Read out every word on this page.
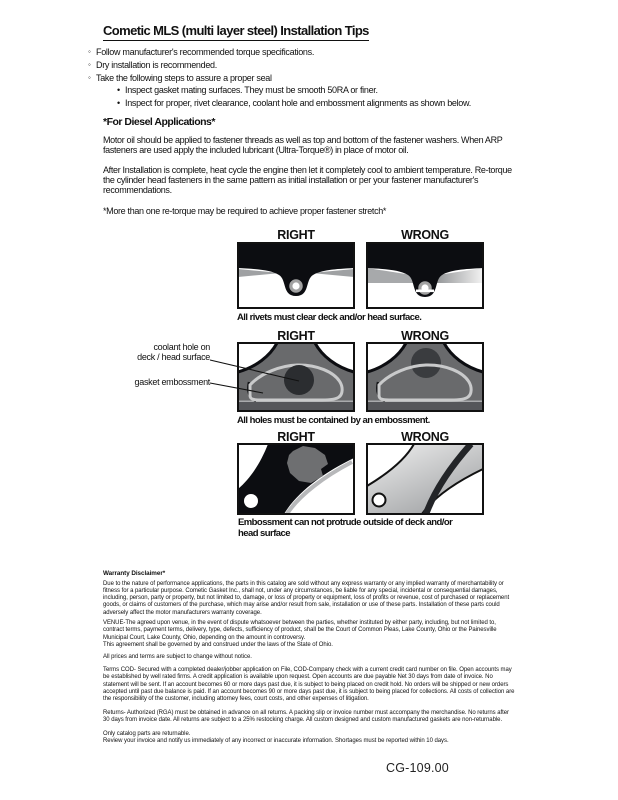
Cometic MLS (multi layer steel) Installation Tips
◦ Follow manufacturer's recommended torque specifications.
◦ Dry installation is recommended.
◦ Take the following steps to assure a proper seal
• Inspect gasket mating surfaces. They must be smooth 50RA or finer.
• Inspect for proper, rivet clearance, coolant hole and embossment alignments as shown below.
*For Diesel Applications*
Motor oil should be applied to fastener threads as well as top and bottom of the fastener washers. When ARP fasteners are used apply the included lubricant (Ultra-Torque®) in place of motor oil.
After Installation is complete, heat cycle the engine then let it completely cool to ambient temperature. Re-torque the cylinder head fasteners in the same pattern as initial installation or per your fastener manufacturer's recommendations.
*More than one re-torque may be required to achieve proper fastener stretch*
RIGHT	WRONG
All rivets must clear deck and/or head surface.
RIGHT	WRONG
coolant hole on
deck / head surface
gasket embossment
All holes must be contained by an embossment.
RIGHT	WRONG
Embossment can not protrude outside of deck and/or head surface
Warranty Disclaimer*
Due to the nature of performance applications, the parts in this catalog are sold without any express warranty or any implied warranty of merchantability or fitness for a particular purpose. Cometic Gasket Inc., shall not, under any circumstances, be liable for any special, incidental or consequential damages, including, person, party or property, but not limited to, damage, or loss of property or equipment, loss of profits or revenue, cost of purchased or replacement goods, or claims of customers of the purchase, which may arise and/or result from sale, installation or use of these parts. Installation of these parts could adversely affect the motor manufacturers warranty coverage.
VENUE-The agreed upon venue, in the event of dispute whatsoever between the parties, whether instituted by either party, including, but not limited to, contract terms, payment terms, delivery, type, defects, sufficiency of product, shall be the Court of Common Pleas, Lake County, Ohio or the Painesville Municipal Court, Lake County, Ohio, depending on the amount in controversy.
This agreement shall be governed by and construed under the laws of the State of Ohio.
All prices and terms are subject to change without notice.
Terms COD- Secured with a completed dealer/jobber application on File, COD-Company check with a current credit card number on file. Open accounts may be established by well rated firms. A credit application is available upon request. Open accounts are due payable Net 30 days from date of invoice. No statement will be sent. If an account becomes 60 or more days past due, it is subject to being placed on credit hold. No orders will be shipped or new orders accepted until past due balance is paid. If an account becomes 90 or more days past due, it is subject to being placed for collections. All costs of collection are the responsibility of the customer, including attorney fees, court costs, and other expenses of litigation.
Returns- Authorized (RGA) must be obtained in advance on all returns. A packing slip or invoice number must accompany the merchandise. No returns after 30 days from invoice date. All returns are subject to a 25% restocking charge. All custom designed and custom manufactured gaskets are non-returnable.
Only catalog parts are returnable.
Review your invoice and notify us immediately of any incorrect or inaccurate information. Shortages must be reported within 10 days.
CG-109.00
